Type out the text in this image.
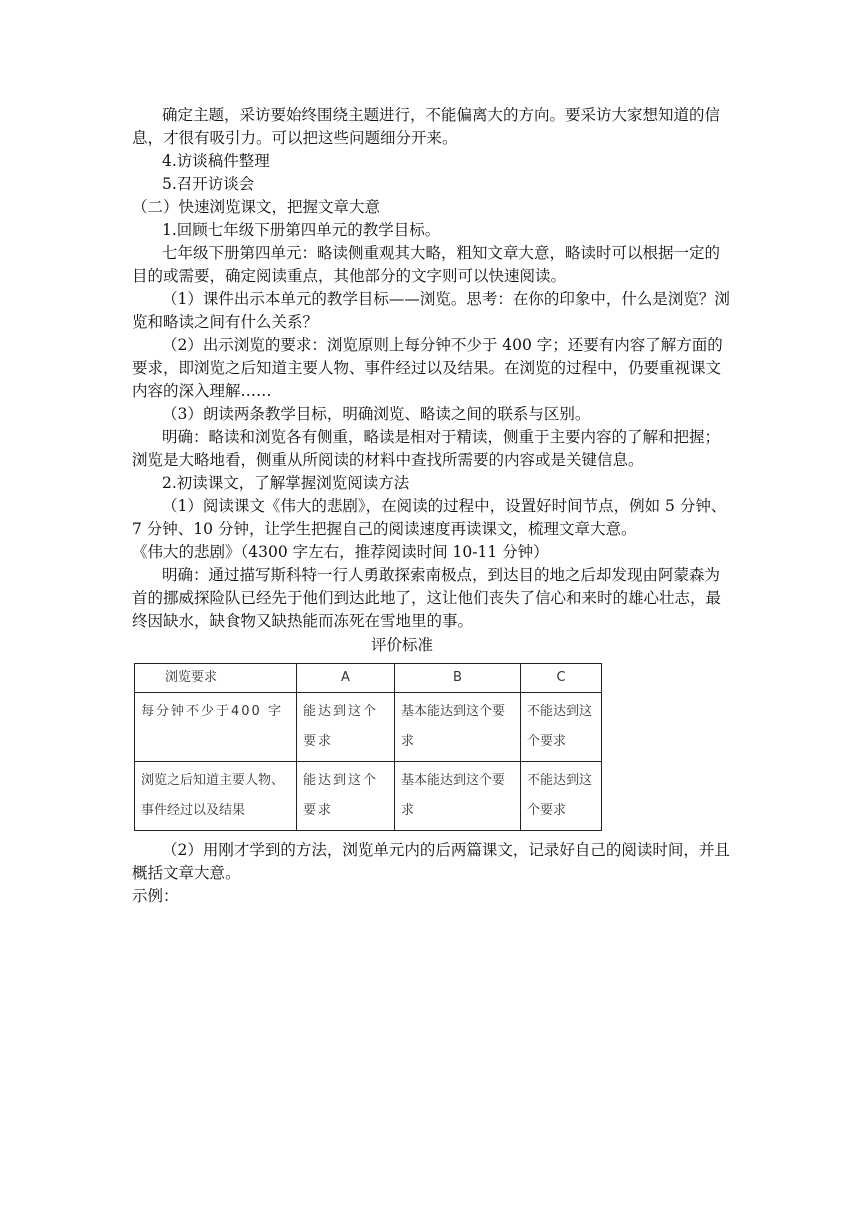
确定主题，采访要始终围绕主题进行，不能偏离大的方向。要采访大家想知道的信息，才很有吸引力。可以把这些问题细分开来。

4.访谈稿件整理

5.召开访谈会

（二）快速浏览课文，把握文章大意

1.回顾七年级下册第四单元的教学目标。

七年级下册第四单元：略读侧重观其大略，粗知文章大意，略读时可以根据一定的目的或需要，确定阅读重点，其他部分的文字则可以快速阅读。

（1）课件出示本单元的教学目标——浏览。思考：在你的印象中，什么是浏览？浏览和略读之间有什么关系？

（2）出示浏览的要求：浏览原则上每分钟不少于 400 字；还要有内容了解方面的要求，即浏览之后知道主要人物、事件经过以及结果。在浏览的过程中，仍要重视课文内容的深入理解……

（3）朗读两条教学目标，明确浏览、略读之间的联系与区别。

明确：略读和浏览各有侧重，略读是相对于精读，侧重于主要内容的了解和把握；浏览是大略地看，侧重从所阅读的材料中查找所需要的内容或是关键信息。

2.初读课文，了解掌握浏览阅读方法

（1）阅读课文《伟大的悲剧》，在阅读的过程中，设置好时间节点，例如 5 分钟、7 分钟、10 分钟，让学生把握自己的阅读速度再读课文，梳理文章大意。

《伟大的悲剧》（4300 字左右，推荐阅读时间 10-11 分钟）

明确：通过描写斯科特一行人勇敢探索南极点，到达目的地之后却发现由阿蒙森为首的挪威探险队已经先于他们到达此地了，这让他们丧失了信心和来时的雄心壮志，最终因缺水，缺食物又缺热能而冻死在雪地里的事。

评价标准

浏览要求	A	B	C
每分钟不少于400 字	能达到这个要求	基本能达到这个要求	不能达到这个要求
浏览之后知道主要人物、事件经过以及结果	能达到这个要求	基本能达到这个要求	不能达到这个要求

（2）用刚才学到的方法，浏览单元内的后两篇课文，记录好自己的阅读时间，并且概括文章大意。

示例：
